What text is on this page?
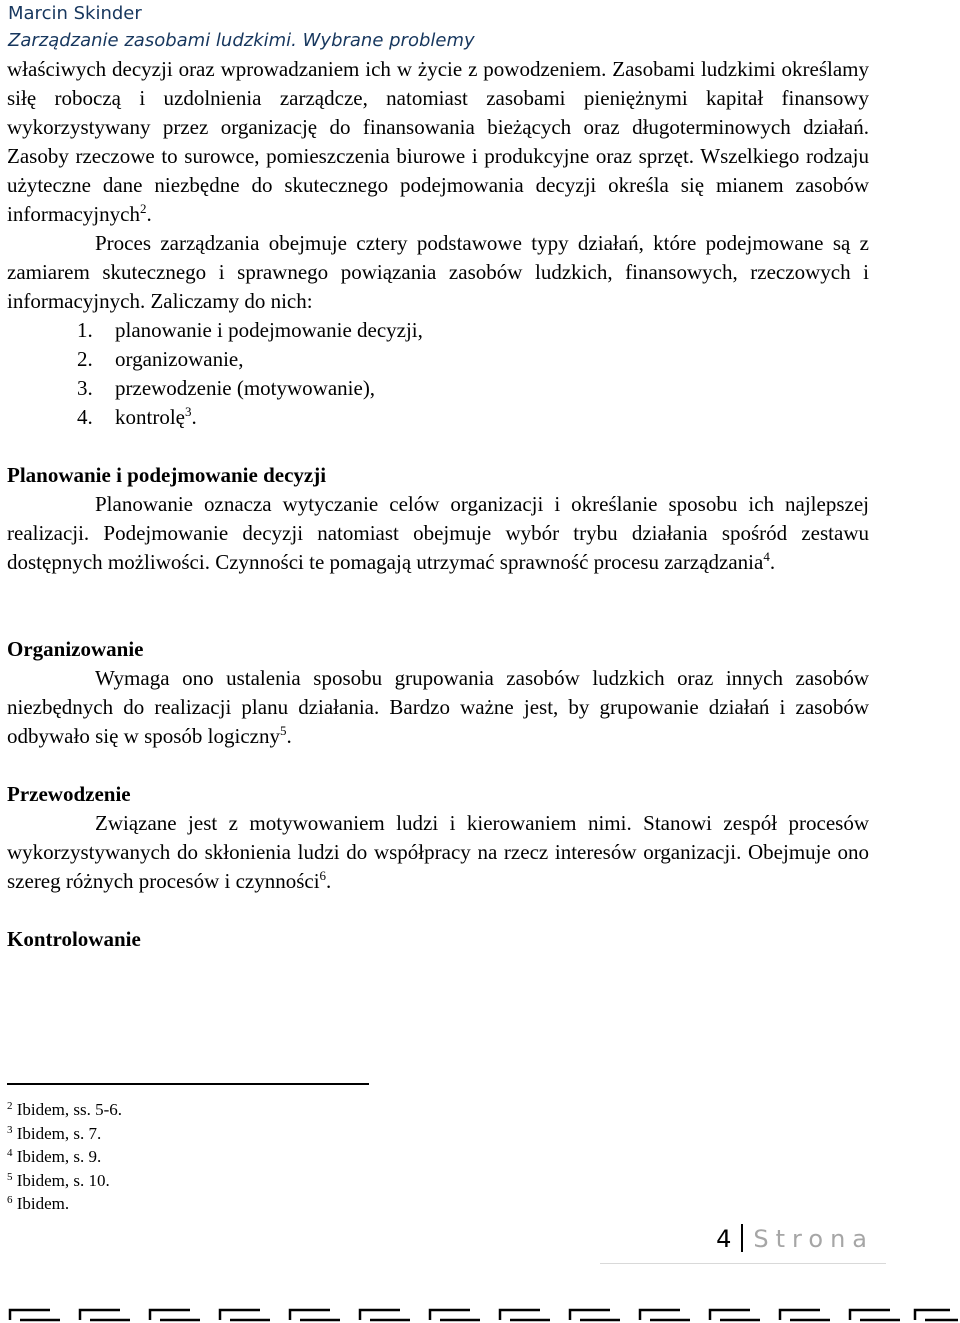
Marcin Skinder
Zarządzanie zasobami ludzkimi. Wybrane problemy

właściwych decyzji oraz wprowadzaniem ich w życie z powodzeniem. Zasobami ludzkimi określamy siłę roboczą i uzdolnienia zarządcze, natomiast zasobami pieniężnymi kapitał finansowy wykorzystywany przez organizację do finansowania bieżących oraz długoterminowych działań. Zasoby rzeczowe to surowce, pomieszczenia biurowe i produkcyjne oraz sprzęt. Wszelkiego rodzaju użyteczne dane niezbędne do skutecznego podejmowania decyzji określa się mianem zasobów informacyjnych$^2$.

Proces zarządzania obejmuje cztery podstawowe typy działań, które podejmowane są z zamiarem skutecznego i sprawnego powiązania zasobów ludzkich, finansowych, rzeczowych i informacyjnych. Zaliczamy do nich:

1. planowanie i podejmowanie decyzji,
2. organizowanie,
3. przewodzenie (motywowanie),
4. kontrolę$^3$.
Planowanie i podejmowanie decyzji

Planowanie oznacza wytyczanie celów organizacji i określanie sposobu ich najlepszej realizacji. Podejmowanie decyzji natomiast obejmuje wybór trybu działania spośród zestawu dostępnych możliwości. Czynności te pomagają utrzymać sprawność procesu zarządzania$^4$.

Organizowanie

Wymaga ono ustalenia sposobu grupowania zasobów ludzkich oraz innych zasobów niezbędnych do realizacji planu działania. Bardzo ważne jest, by grupowanie działań i zasobów odbywało się w sposób logiczny$^5$.

Przewodzenie

Związane jest z motywowaniem ludzi i kierowaniem nimi. Stanowi zespół procesów wykorzystywanych do skłonienia ludzi do współpracy na rzecz interesów organizacji. Obejmuje ono szereg różnych procesów i czynności$^6$.

Kontrolowanie
$^2$ Ibidem, ss. 5-6.
$^3$ Ibidem, s. 7.
$^4$ Ibidem, s. 9.
$^5$ Ibidem, s. 10.
$^6$ Ibidem.
4 Strona
